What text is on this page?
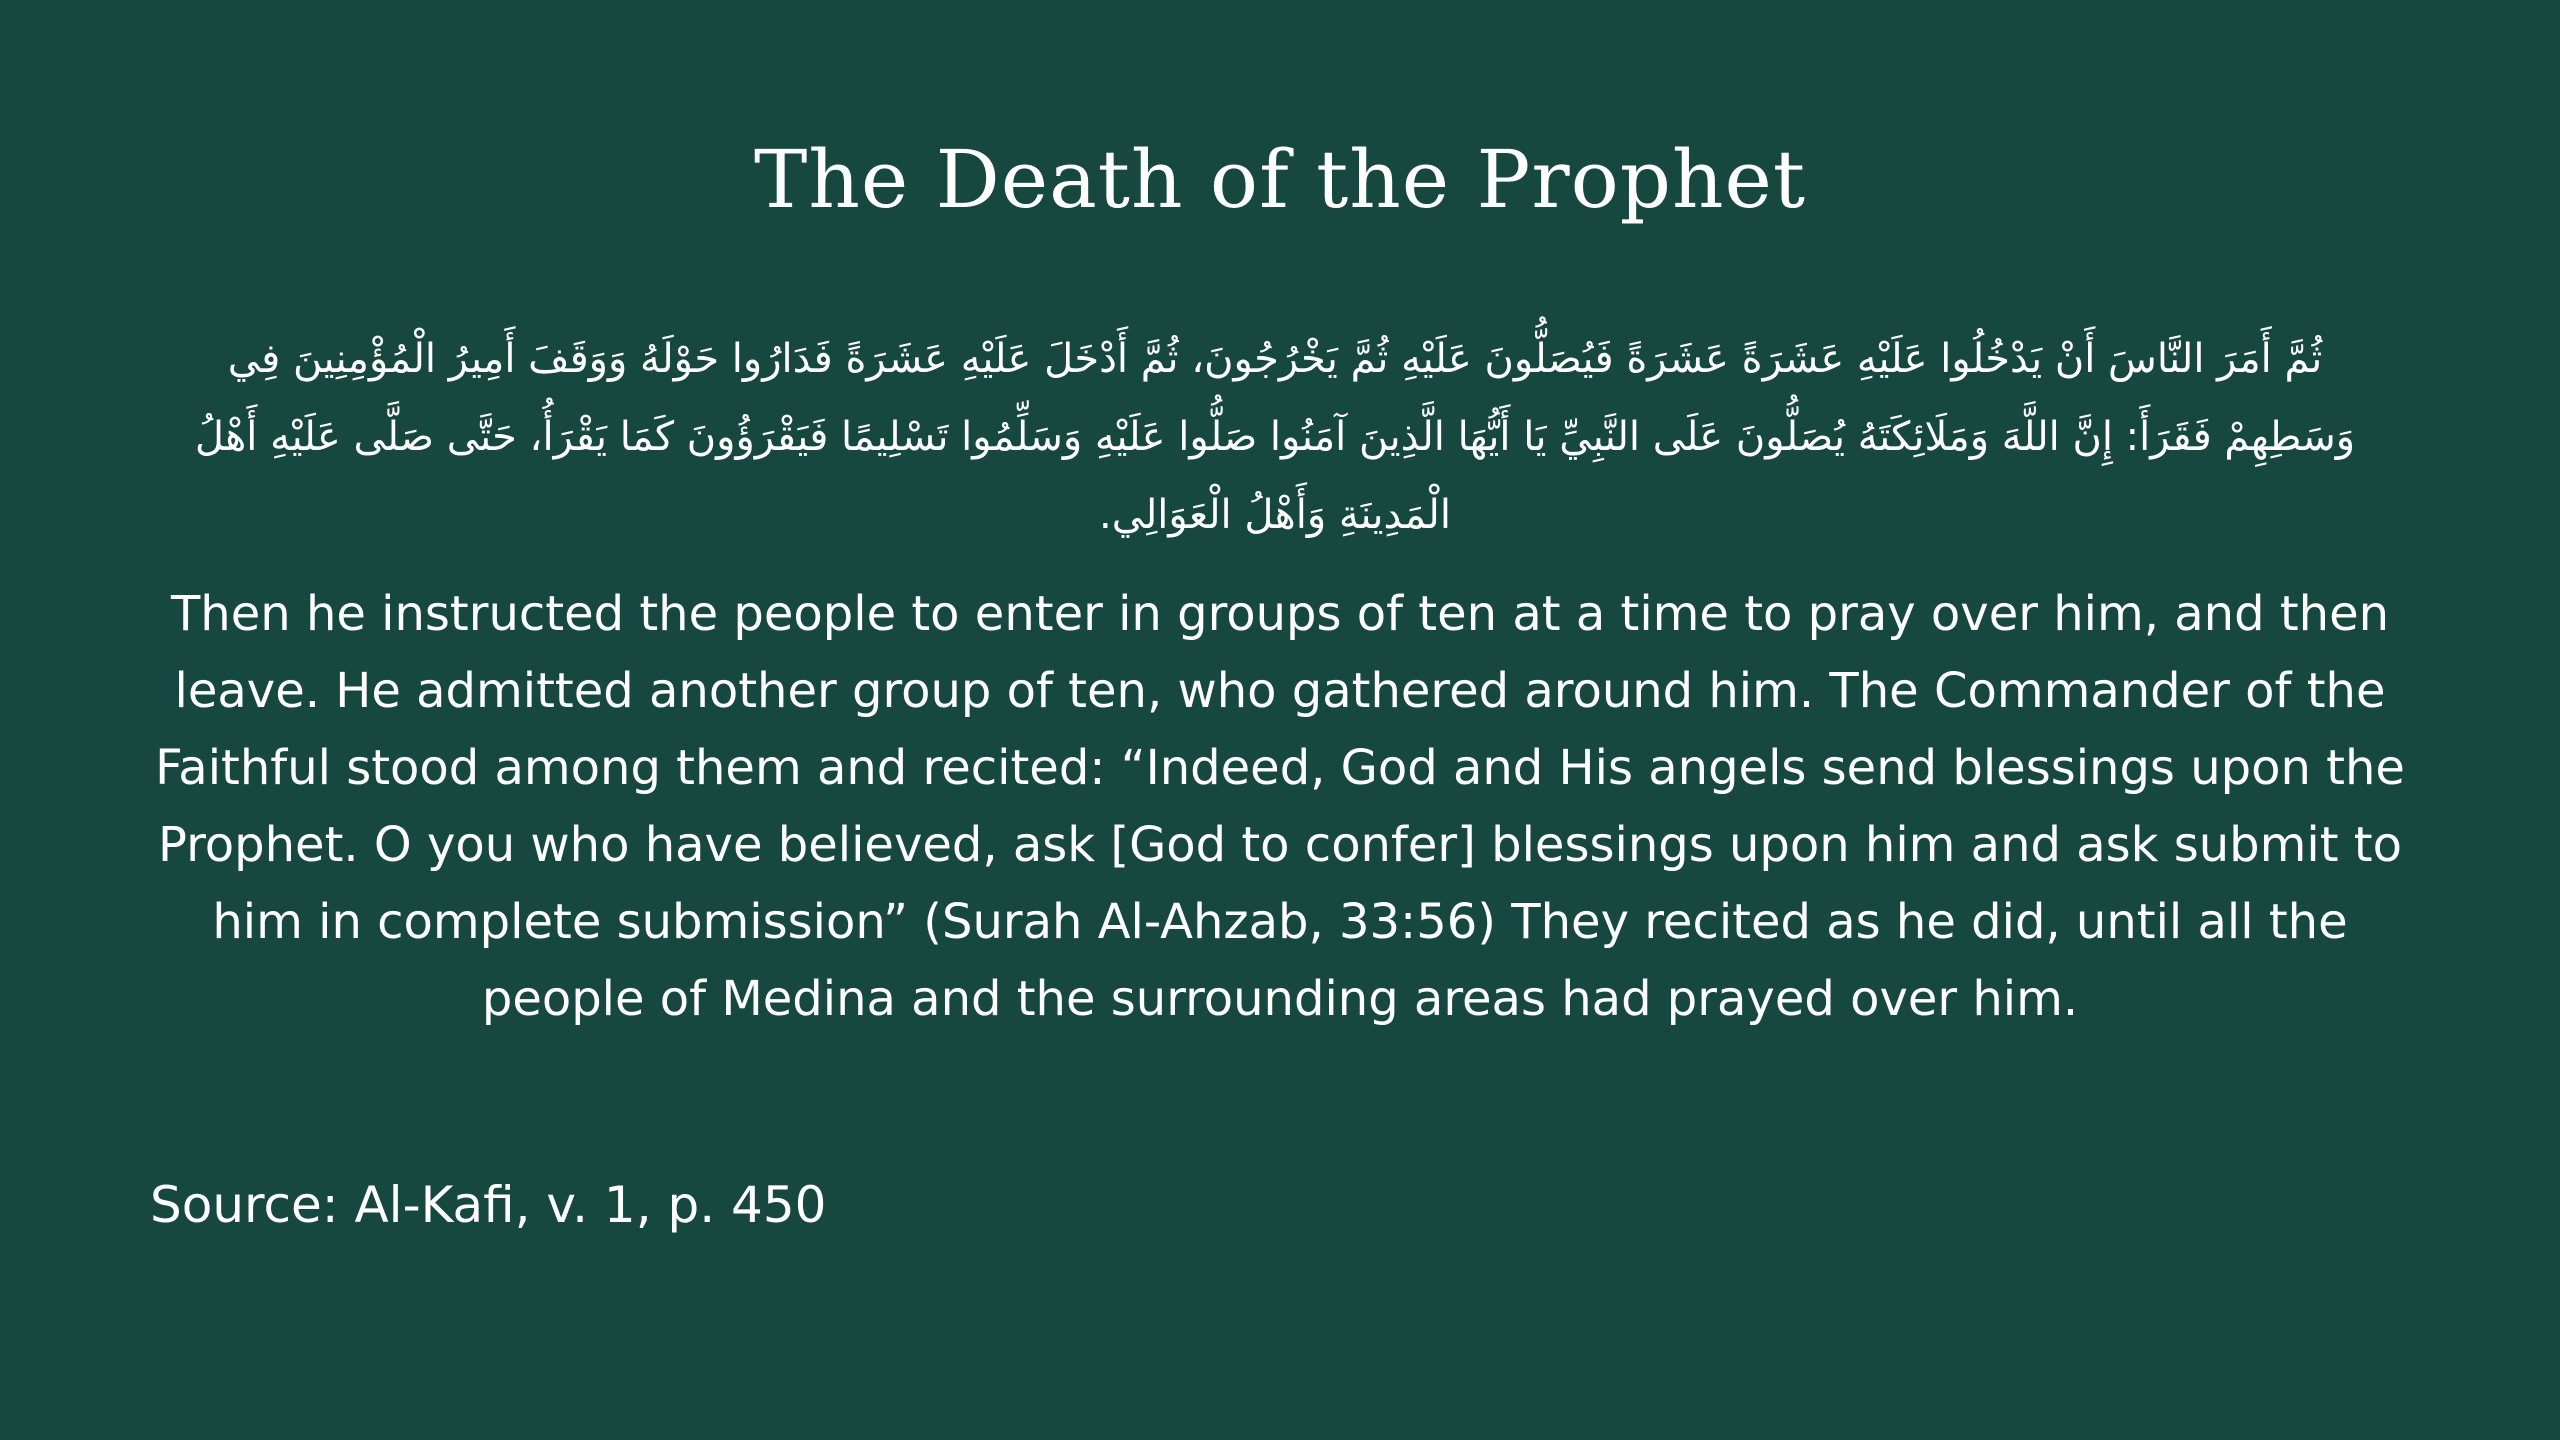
The Death of the Prophet
ثُمَّ أَمَرَ النَّاسَ أَنْ يَدْخُلُوا عَلَيْهِ عَشَرَةً عَشَرَةً فَيُصَلُّونَ عَلَيْهِ ثُمَّ يَخْرُجُونَ، ثُمَّ أَدْخَلَ عَلَيْهِ عَشَرَةً فَدَارُوا حَوْلَهُ وَوَقَفَ أَمِيرُ الْمُؤْمِنِينَ فِي وَسَطِهِمْ فَقَرَأَ: إِنَّ اللَّهَ وَمَلَائِكَتَهُ يُصَلُّونَ عَلَى النَّبِيِّ يَا أَيُّهَا الَّذِينَ آمَنُوا صَلُّوا عَلَيْهِ وَسَلِّمُوا تَسْلِيمًا فَيَقْرَؤُونَ كَمَا يَقْرَأُ، حَتَّى صَلَّى عَلَيْهِ أَهْلُ الْمَدِينَةِ وَأَهْلُ الْعَوَالِي.
Then he instructed the people to enter in groups of ten at a time to pray over him, and then leave. He admitted another group of ten, who gathered around him. The Commander of the Faithful stood among them and recited: “Indeed, God and His angels send blessings upon the Prophet. O you who have believed, ask [God to confer] blessings upon him and ask submit to him in complete submission” (Surah Al-Ahzab, 33:56) They recited as he did, until all the people of Medina and the surrounding areas had prayed over him.
Source: Al-Kafi, v. 1, p. 450
